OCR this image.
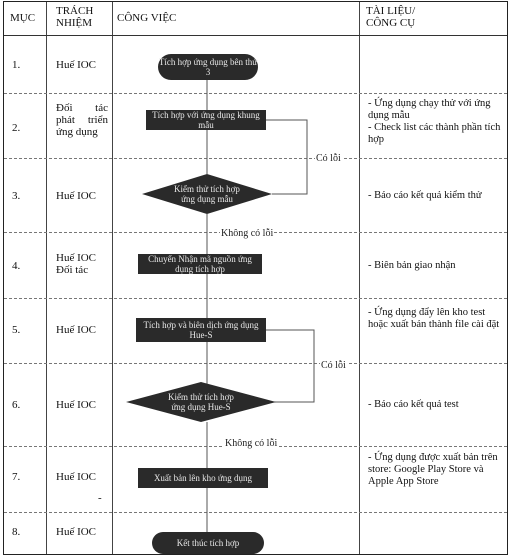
MỤC
TRÁCH
NHIỆM CÔNG VIỆC
TÀI LIỆU/
CÔNG CỤ
1.
2.
3.
4.
5.
6.
7.
8.
Huế IOC
Đối tác phát triển ứng dụng
Huế IOC
Huế IOC
Đối tác
Huế IOC
Huế IOC
Huế IOC
-
Huế IOC
- Ứng dụng chạy thử với ứng dụng mẫu
- Check list các thành phần tích hợp
- Báo cáo kết quả kiểm thử
- Biên bản giao nhận
- Ứng dụng đẩy lên kho test hoặc xuất bản thành file cài đặt
- Báo cáo kết quả test
- Ứng dụng được xuất bản trên store: Google Play Store và Apple App Store
Tích hợp ứng dụng bên thứ 3
Tích hợp với ứng dụng khung mẫu
Kiểm thử tích hợp ứng dụng mẫu
Chuyển Nhận mã nguồn ứng dụng tích hợp
Tích hợp và biên dịch ứng dụng Hue-S
Kiểm thử tích hợp ứng dụng Hue-S
Xuất bản lên kho ứng dụng
Kết thúc tích hợp
Có lỗi
Không có lỗi
Có lỗi
Không có lỗi
